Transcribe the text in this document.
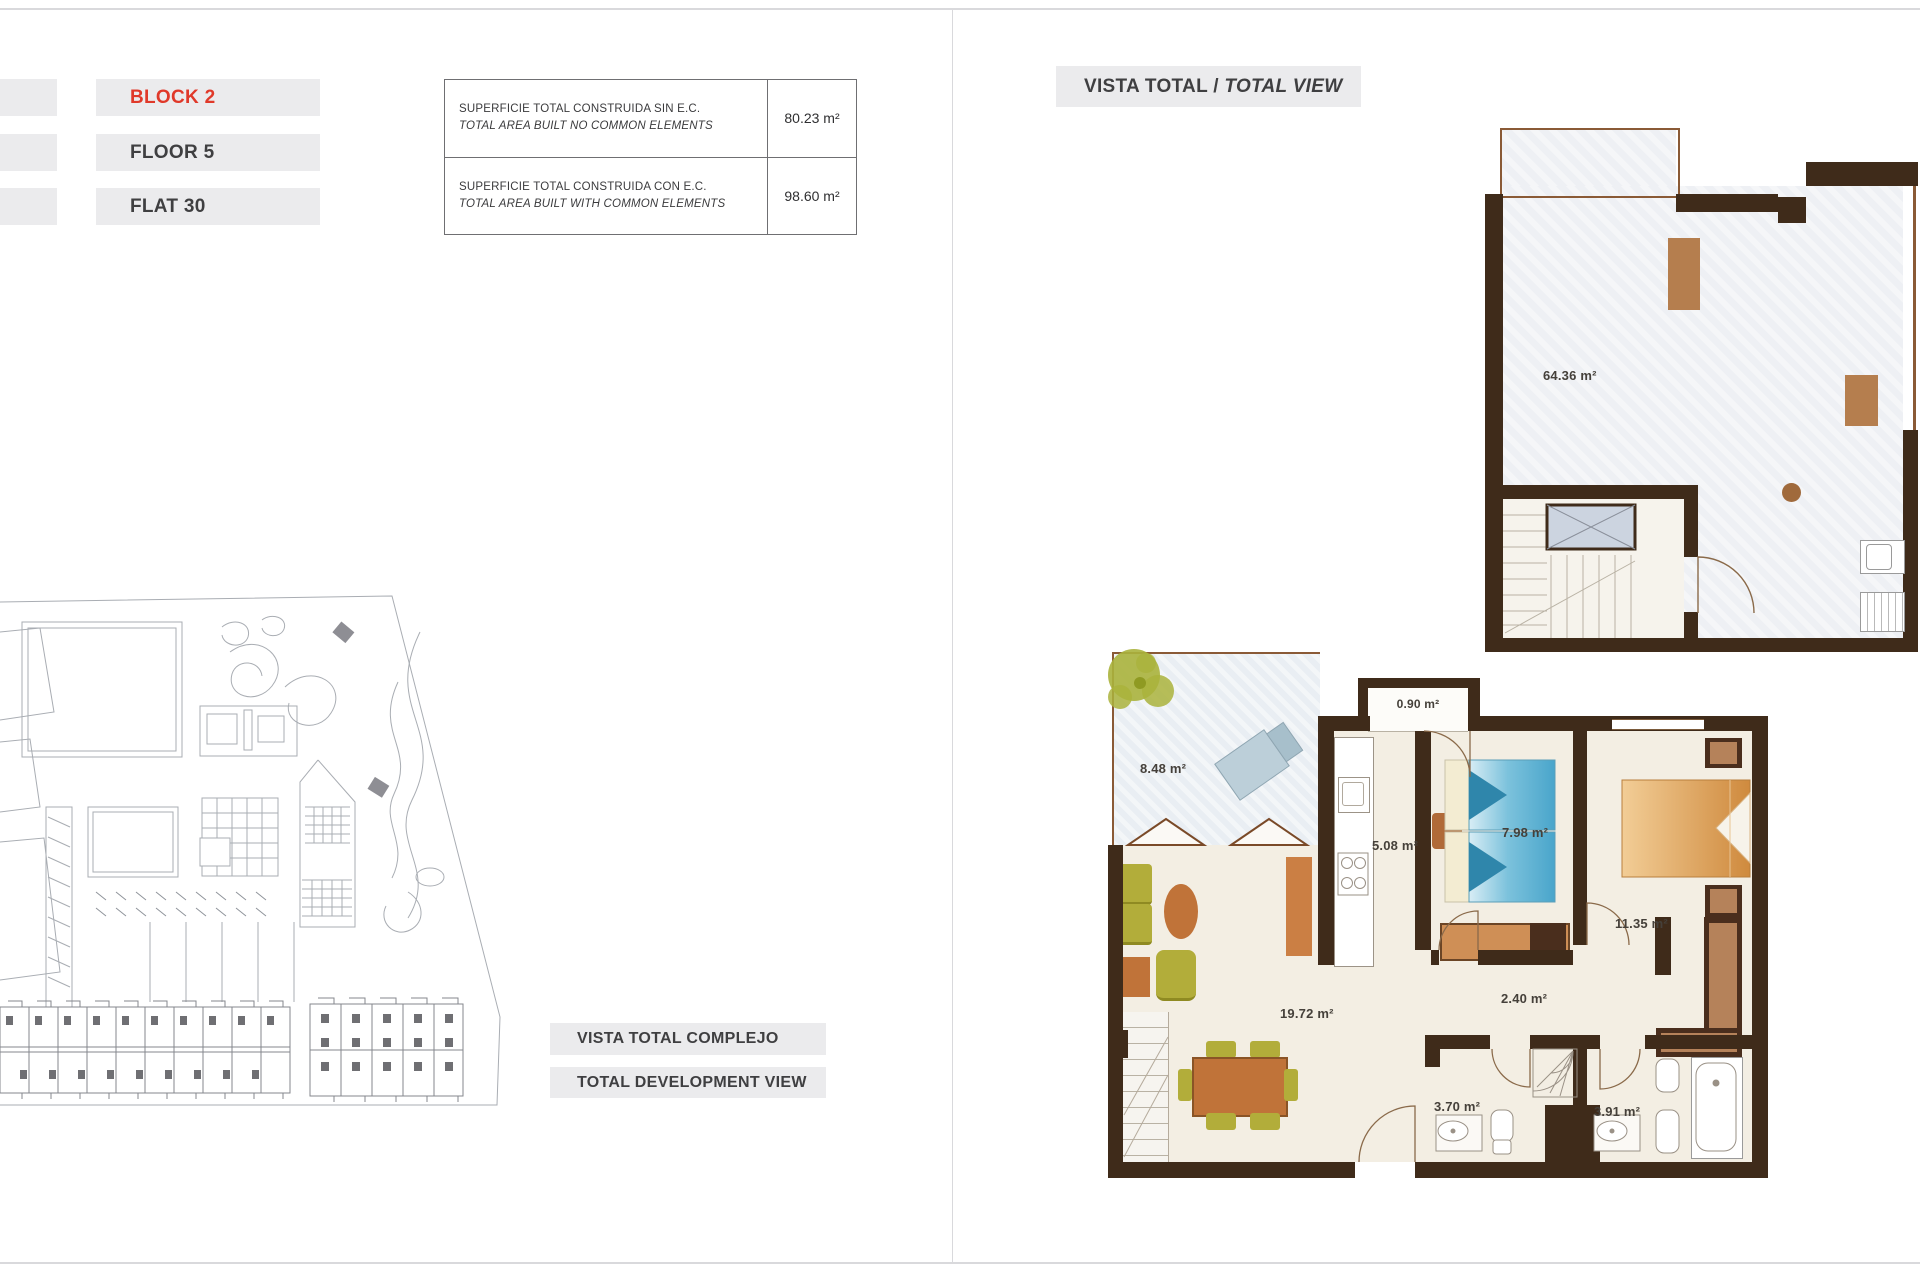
BLOCK 2
FLOOR 5
FLAT 30
SUPERFICIE TOTAL CONSTRUIDA SIN E.C.
TOTAL AREA BUILT NO COMMON ELEMENTS	80.23 m²
SUPERFICIE TOTAL CONSTRUIDA CON E.C.
TOTAL AREA BUILT WITH COMMON ELEMENTS	98.60 m²
VISTA TOTAL / TOTAL VIEW
VISTA TOTAL COMPLEJO
TOTAL DEVELOPMENT VIEW
64.36 m²
8.48 m²
0.90 m²
5.08 m²
7.98 m²
11.35 m²
2.40 m²
19.72 m²
3.70 m²	3.91 m²
